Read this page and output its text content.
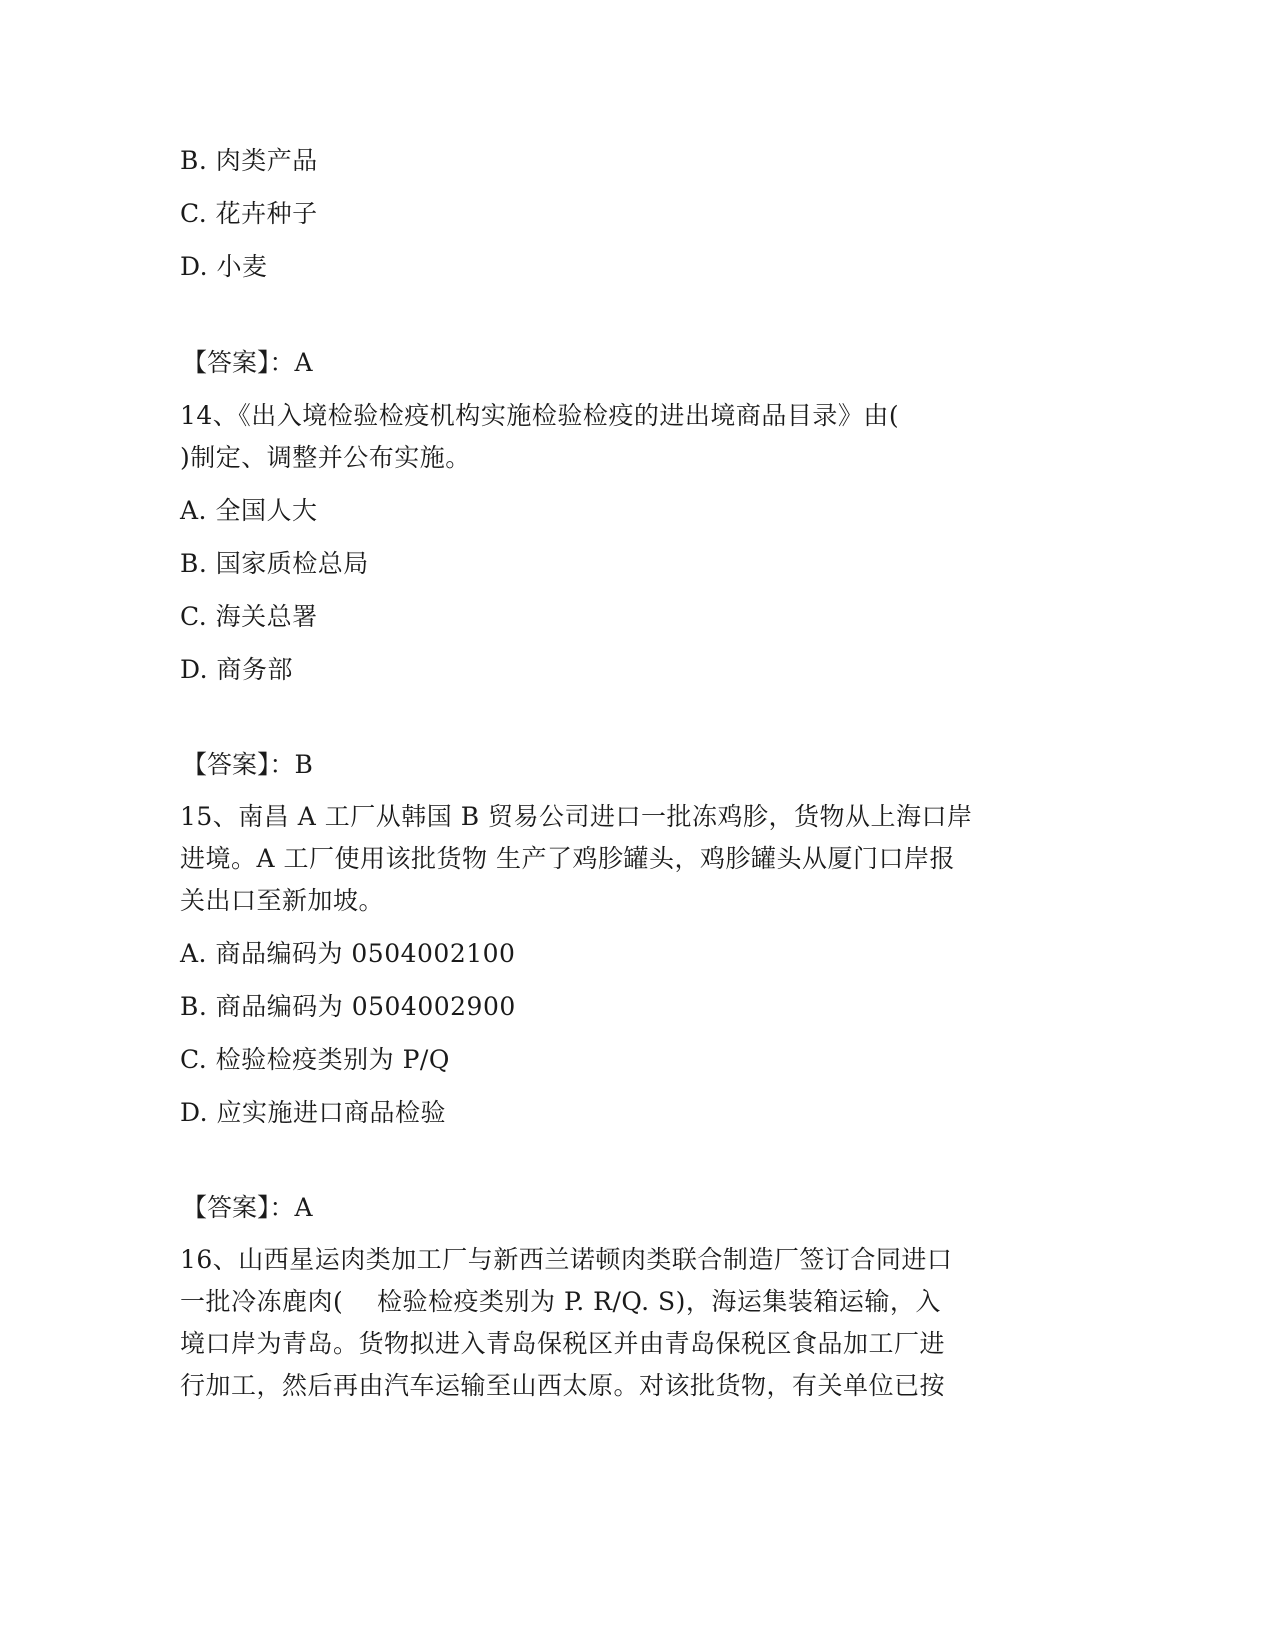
B. 肉类产品
C. 花卉种子
D. 小麦
【答案】：A
14、《出入境检验检疫机构实施检验检疫的进出境商品目录》由(
)制定、调整并公布实施。
A. 全国人大
B. 国家质检总局
C. 海关总署
D. 商务部
【答案】：B
15、南昌 A 工厂从韩国 B 贸易公司进口一批冻鸡胗，货物从上海口岸
进境。A 工厂使用该批货物 生产了鸡胗罐头，鸡胗罐头从厦门口岸报
关出口至新加坡。
A. 商品编码为 0504002100
B. 商品编码为 0504002900
C. 检验检疫类别为 P/Q
D. 应实施进口商品检验
【答案】：A
16、山西星运肉类加工厂与新西兰诺顿肉类联合制造厂签订合同进口
一批冷冻鹿肉(    检验检疫类别为 P. R/Q. S)，海运集装箱运输，入
境口岸为青岛。货物拟进入青岛保税区并由青岛保税区食品加工厂进
行加工，然后再由汽车运输至山西太原。对该批货物，有关单位已按
